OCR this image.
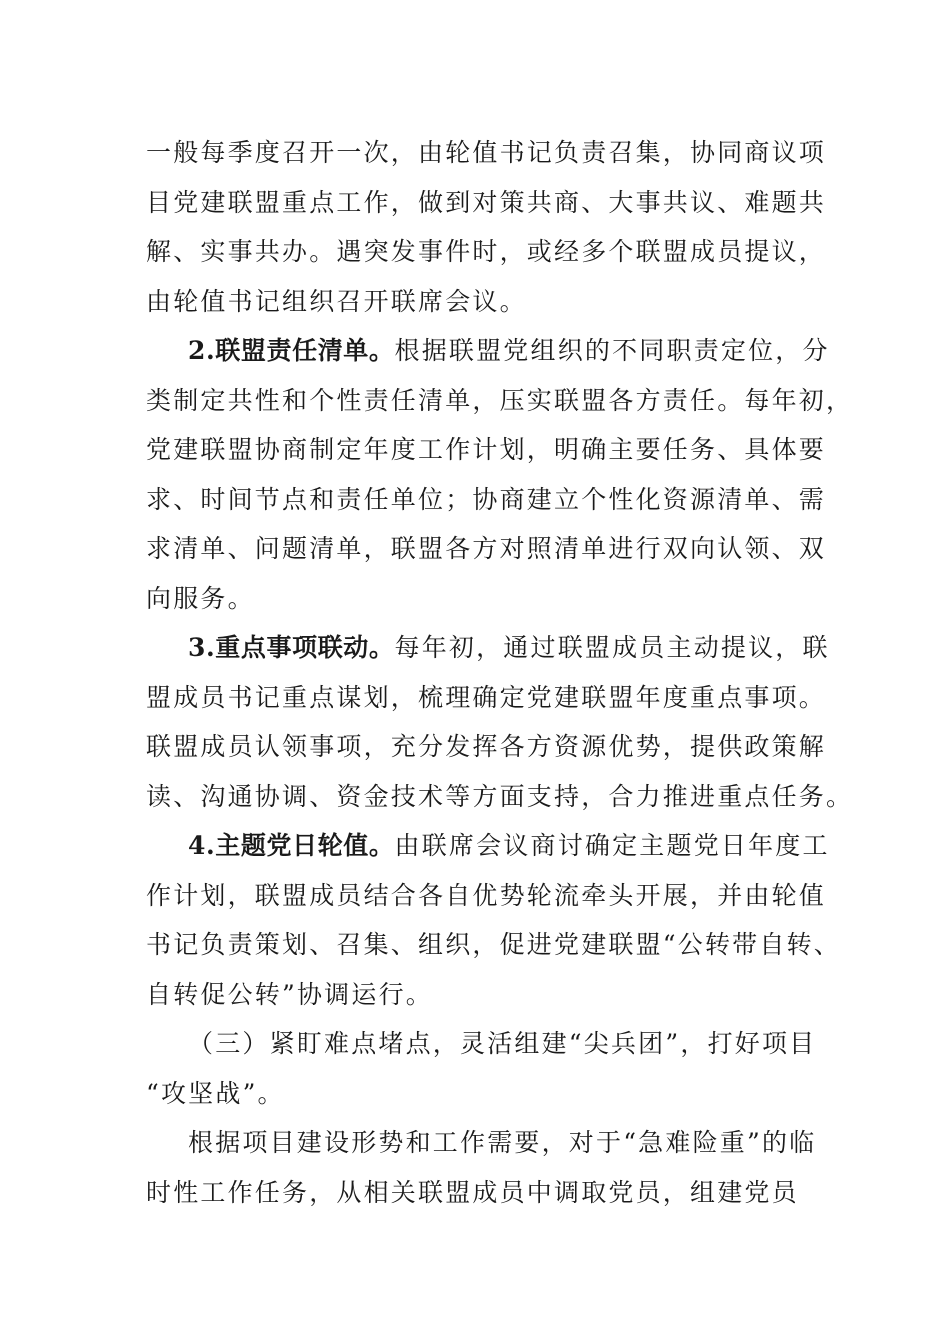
一般每季度召开一次，由轮值书记负责召集，协同商议项
目党建联盟重点工作，做到对策共商、大事共议、难题共
解、实事共办。遇突发事件时，或经多个联盟成员提议，
由轮值书记组织召开联席会议。
2.联盟责任清单。根据联盟党组织的不同职责定位，分
类制定共性和个性责任清单，压实联盟各方责任。每年初，
党建联盟协商制定年度工作计划，明确主要任务、具体要
求、时间节点和责任单位；协商建立个性化资源清单、需
求清单、问题清单，联盟各方对照清单进行双向认领、双
向服务。
3.重点事项联动。每年初，通过联盟成员主动提议，联
盟成员书记重点谋划，梳理确定党建联盟年度重点事项。
联盟成员认领事项，充分发挥各方资源优势，提供政策解
读、沟通协调、资金技术等方面支持，合力推进重点任务。
4.主题党日轮值。由联席会议商讨确定主题党日年度工
作计划，联盟成员结合各自优势轮流牵头开展，并由轮值
书记负责策划、召集、组织，促进党建联盟“公转带自转、
自转促公转”协调运行。
（三）紧盯难点堵点，灵活组建“尖兵团”，打好项目
“攻坚战”。
根据项目建设形势和工作需要，对于“急难险重”的临
时性工作任务，从相关联盟成员中调取党员，组建党员
